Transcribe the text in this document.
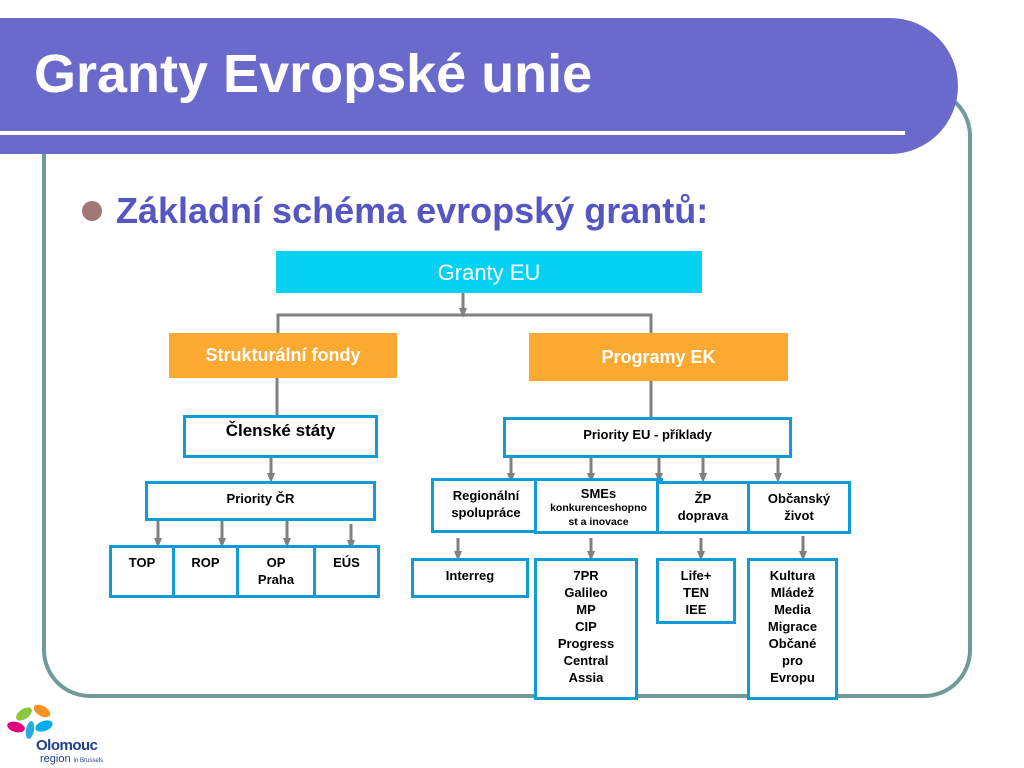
Granty Evropské unie
Základní schéma evropský grantů:
Granty EU
Strukturální fondy	Programy EK
Členské státy	Priority EU - příklady
Priority ČR
TOP	ROP	OP
Praha
EÚS
Regionální
spolupráce
SMEs
konkurenceshopno
st a inovace
ŽP
doprava
Občanský
život
Interreg	7PR
Galileo
MP
CIP
Progress
Central
Assia
Life+
TEN
IEE
Kultura
Mládež
Media
Migrace
Občané
pro
Evropu
Olomouc
region in Brussels
